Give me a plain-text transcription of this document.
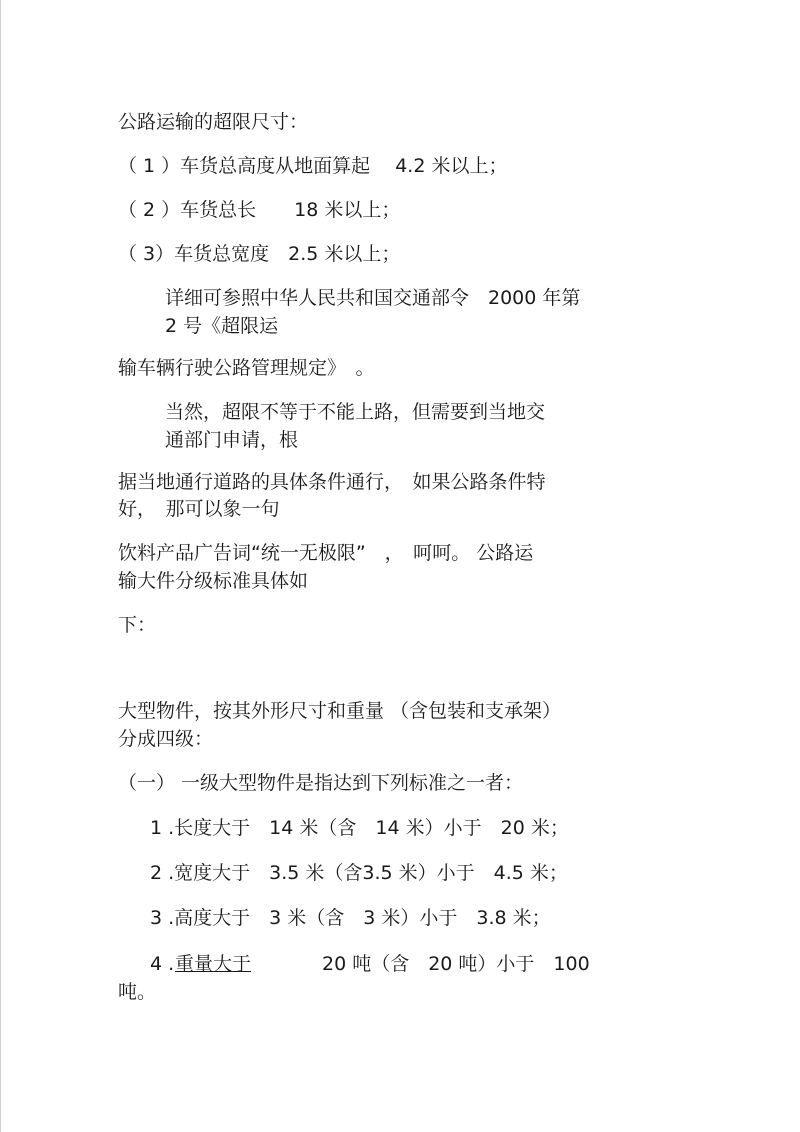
公路运输的超限尺寸：
（ 1 ）车货总高度从地面算起　 4.2 米以上；
（ 2 ）车货总长　　18 米以上；
（ 3）车货总宽度　2.5 米以上；
详细可参照中华人民共和国交通部令　2000 年第
2 号《超限运
输车辆行驶公路管理规定》　。
当然，超限不等于不能上路，但需要到当地交
通部门申请，根
据当地通行道路的具体条件通行，　如果公路条件特
好，　那可以象一句
饮料产品广告词“统一无极限”　，　呵呵。 公路运
输大件分级标准具体如
下：
大型物件，按其外形尺寸和重量 （含包装和支承架）
分成四级：
（一） 一级大型物件是指达到下列标准之一者：
1 .长度大于　14 米（含　14 米）小于　20 米；
2 .宽度大于　3.5 米（含3.5 米）小于　4.5 米；
3 .高度大于　3 米（含　3 米）小于　3.8 米；
4 . 重量大于	20 吨（含　20 吨）小于　100
吨。
